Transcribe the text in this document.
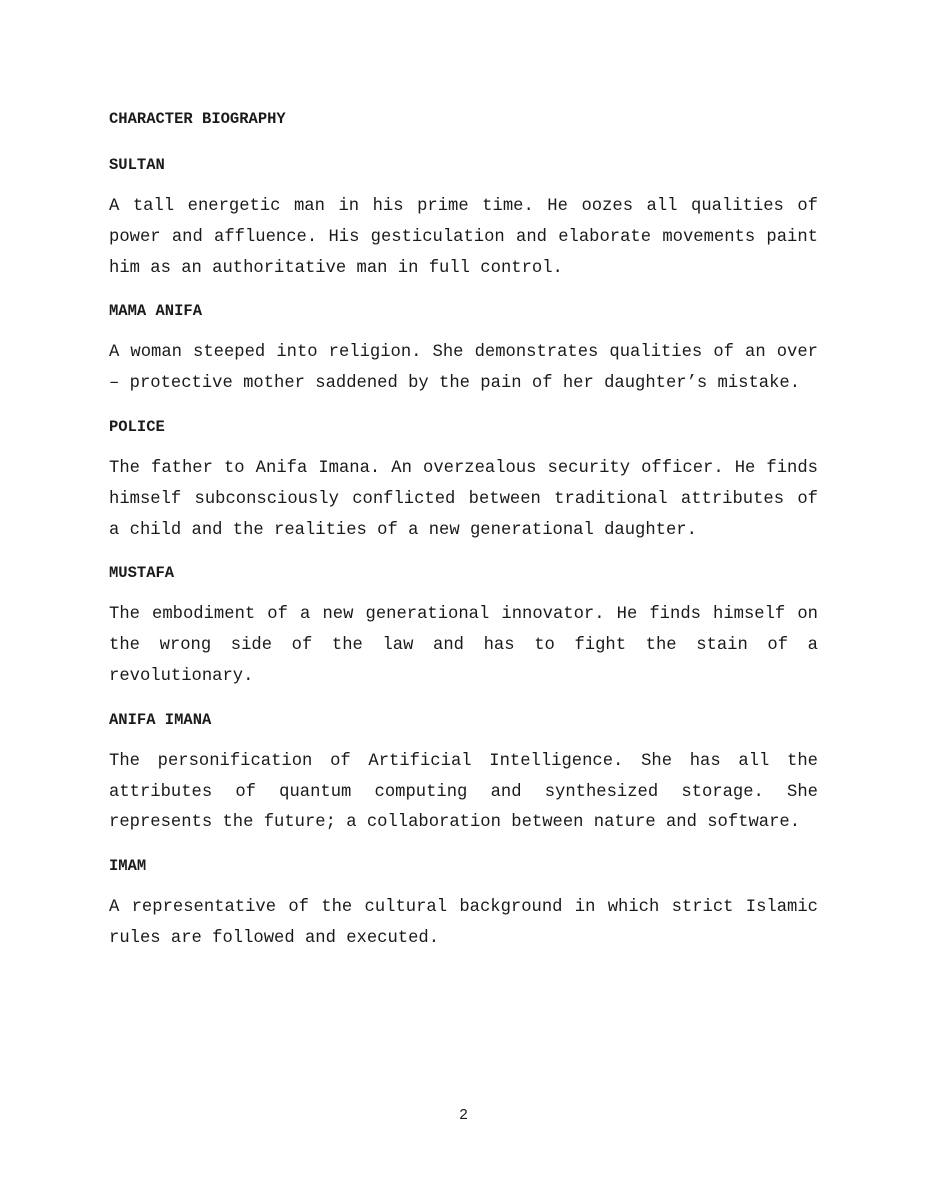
CHARACTER BIOGRAPHY
SULTAN

A tall energetic man in his prime time. He oozes all qualities of power and affluence. His gesticulation and elaborate movements paint him as an authoritative man in full control.

MAMA ANIFA

A woman steeped into religion. She demonstrates qualities of an over – protective mother saddened by the pain of her daughter’s mistake.

POLICE

The father to Anifa Imana. An overzealous security officer. He finds himself subconsciously conflicted between traditional attributes of a child and the realities of a new generational daughter.

MUSTAFA

The embodiment of a new generational innovator. He finds himself on the wrong side of the law and has to fight the stain of a revolutionary.

ANIFA IMANA

The personification of Artificial Intelligence. She has all the attributes of quantum computing and synthesized storage. She represents the future; a collaboration between nature and software.

IMAM

A representative of the cultural background in which strict Islamic rules are followed and executed.

2
